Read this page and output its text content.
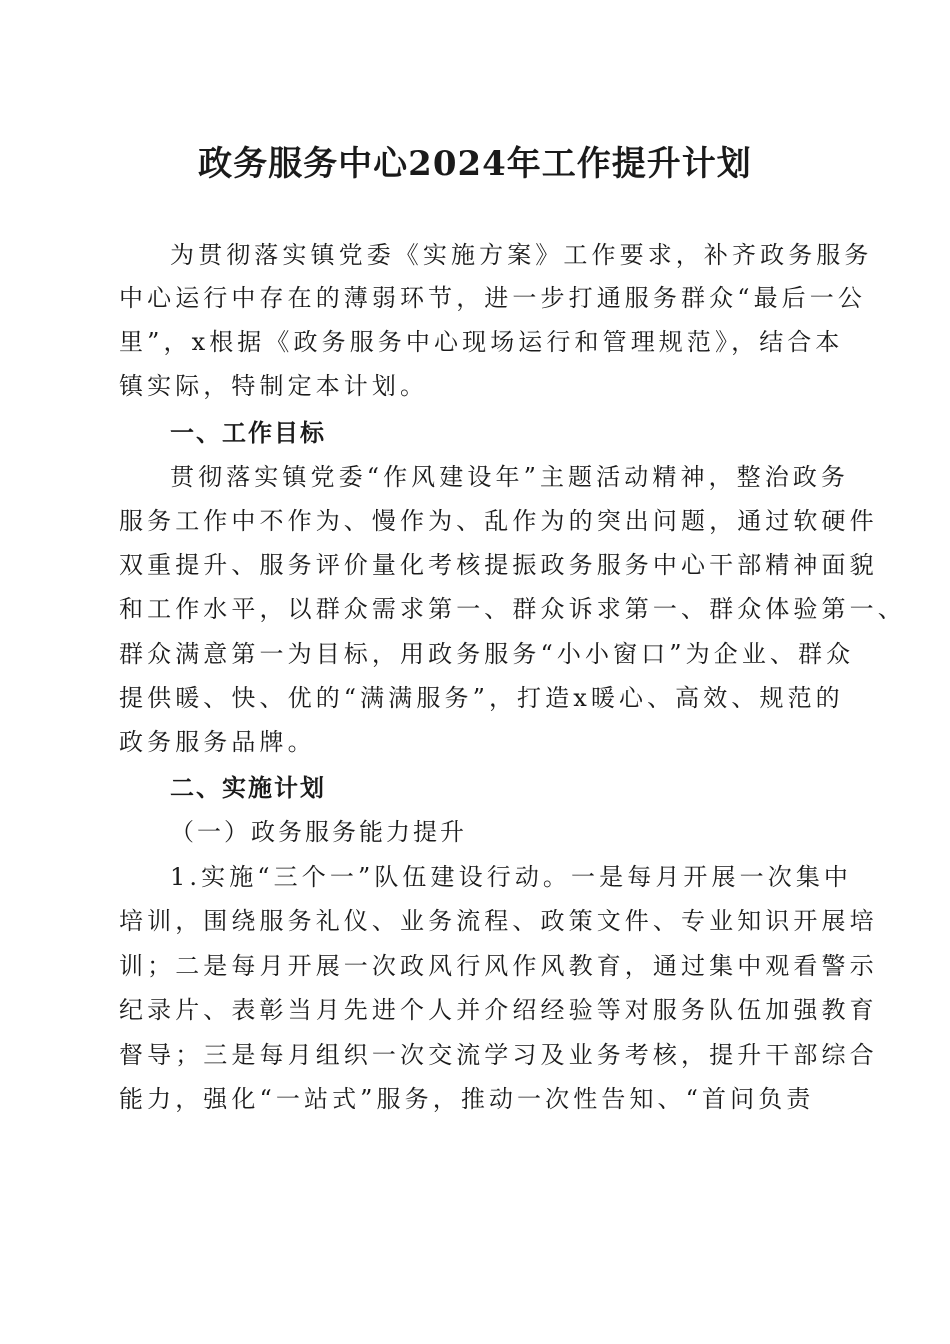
政务服务中心2024年工作提升计划
为贯彻落实镇党委《实施方案》工作要求，补齐政务服务
中心运行中存在的薄弱环节，进一步打通服务群众“最后一公
里”，x根据《政务服务中心现场运行和管理规范》，结合本
镇实际，特制定本计划。
一、工作目标
贯彻落实镇党委“作风建设年”主题活动精神，整治政务
服务工作中不作为、慢作为、乱作为的突出问题，通过软硬件
双重提升、服务评价量化考核提振政务服务中心干部精神面貌
和工作水平，以群众需求第一、群众诉求第一、群众体验第一、
群众满意第一为目标，用政务服务“小小窗口”为企业、群众
提供暖、快、优的“满满服务”，打造x暖心、高效、规范的
政务服务品牌。
二、实施计划
（一）政务服务能力提升
1.实施“三个一”队伍建设行动。一是每月开展一次集中
培训，围绕服务礼仪、业务流程、政策文件、专业知识开展培
训；二是每月开展一次政风行风作风教育，通过集中观看警示
纪录片、表彰当月先进个人并介绍经验等对服务队伍加强教育
督导；三是每月组织一次交流学习及业务考核，提升干部综合
能力，强化“一站式”服务，推动一次性告知、“首问负责
